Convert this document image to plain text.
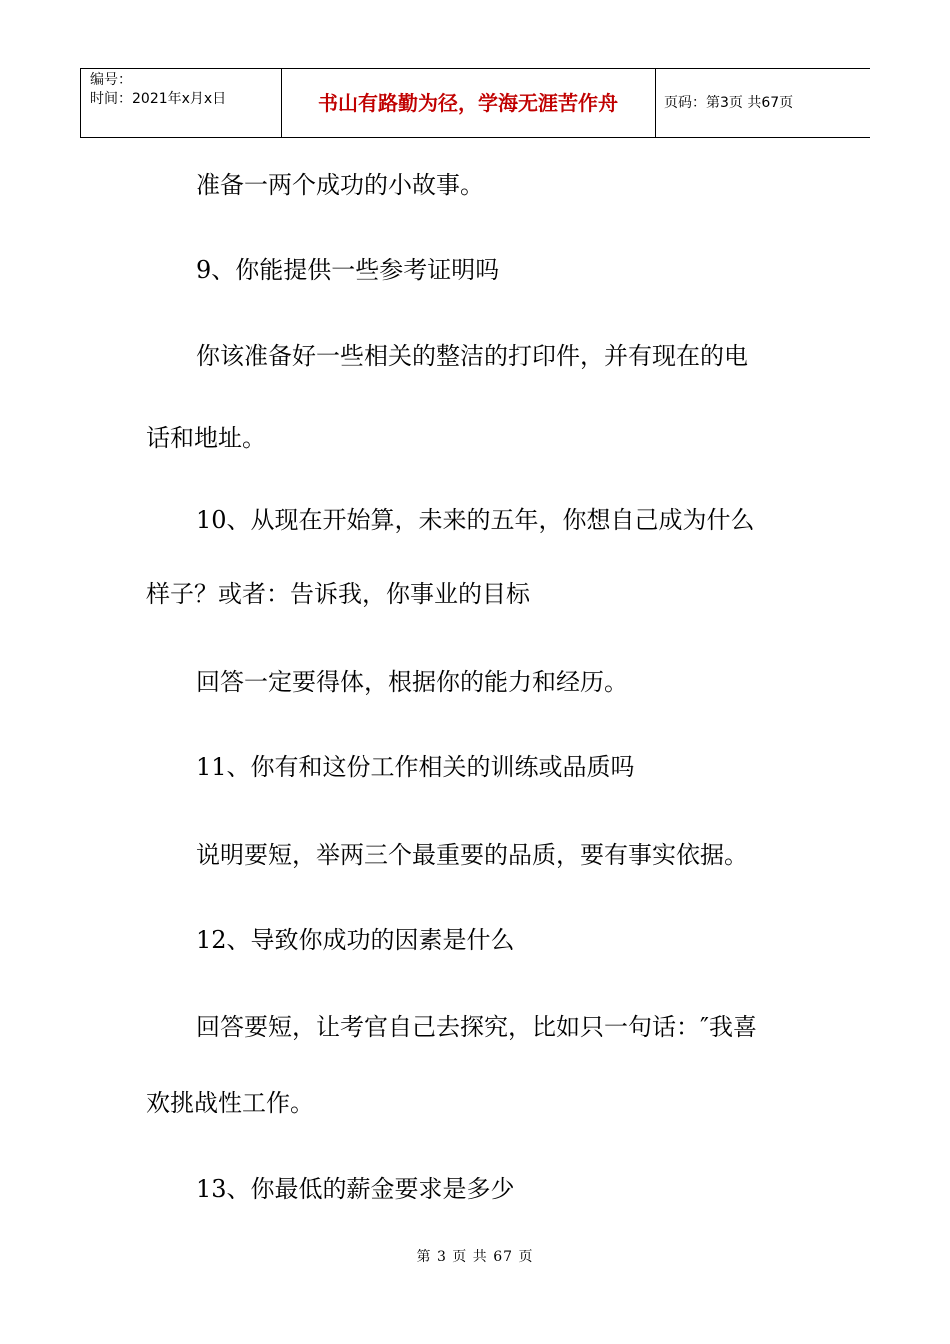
编号：
时间：2021年x月x日	书山有路勤为径，学海无涯苦作舟	页码：第3页 共67页
准备一两个成功的小故事。
9、你能提供一些参考证明吗
你该准备好一些相关的整洁的打印件，并有现在的电
话和地址。
10、从现在开始算，未来的五年，你想自己成为什么
样子？或者：告诉我，你事业的目标
回答一定要得体，根据你的能力和经历。
11、你有和这份工作相关的训练或品质吗
说明要短，举两三个最重要的品质，要有事实依据。
12、导致你成功的因素是什么
回答要短，让考官自己去探究，比如只一句话：″我喜
欢挑战性工作。
13、你最低的薪金要求是多少
第 3 页 共 67 页
